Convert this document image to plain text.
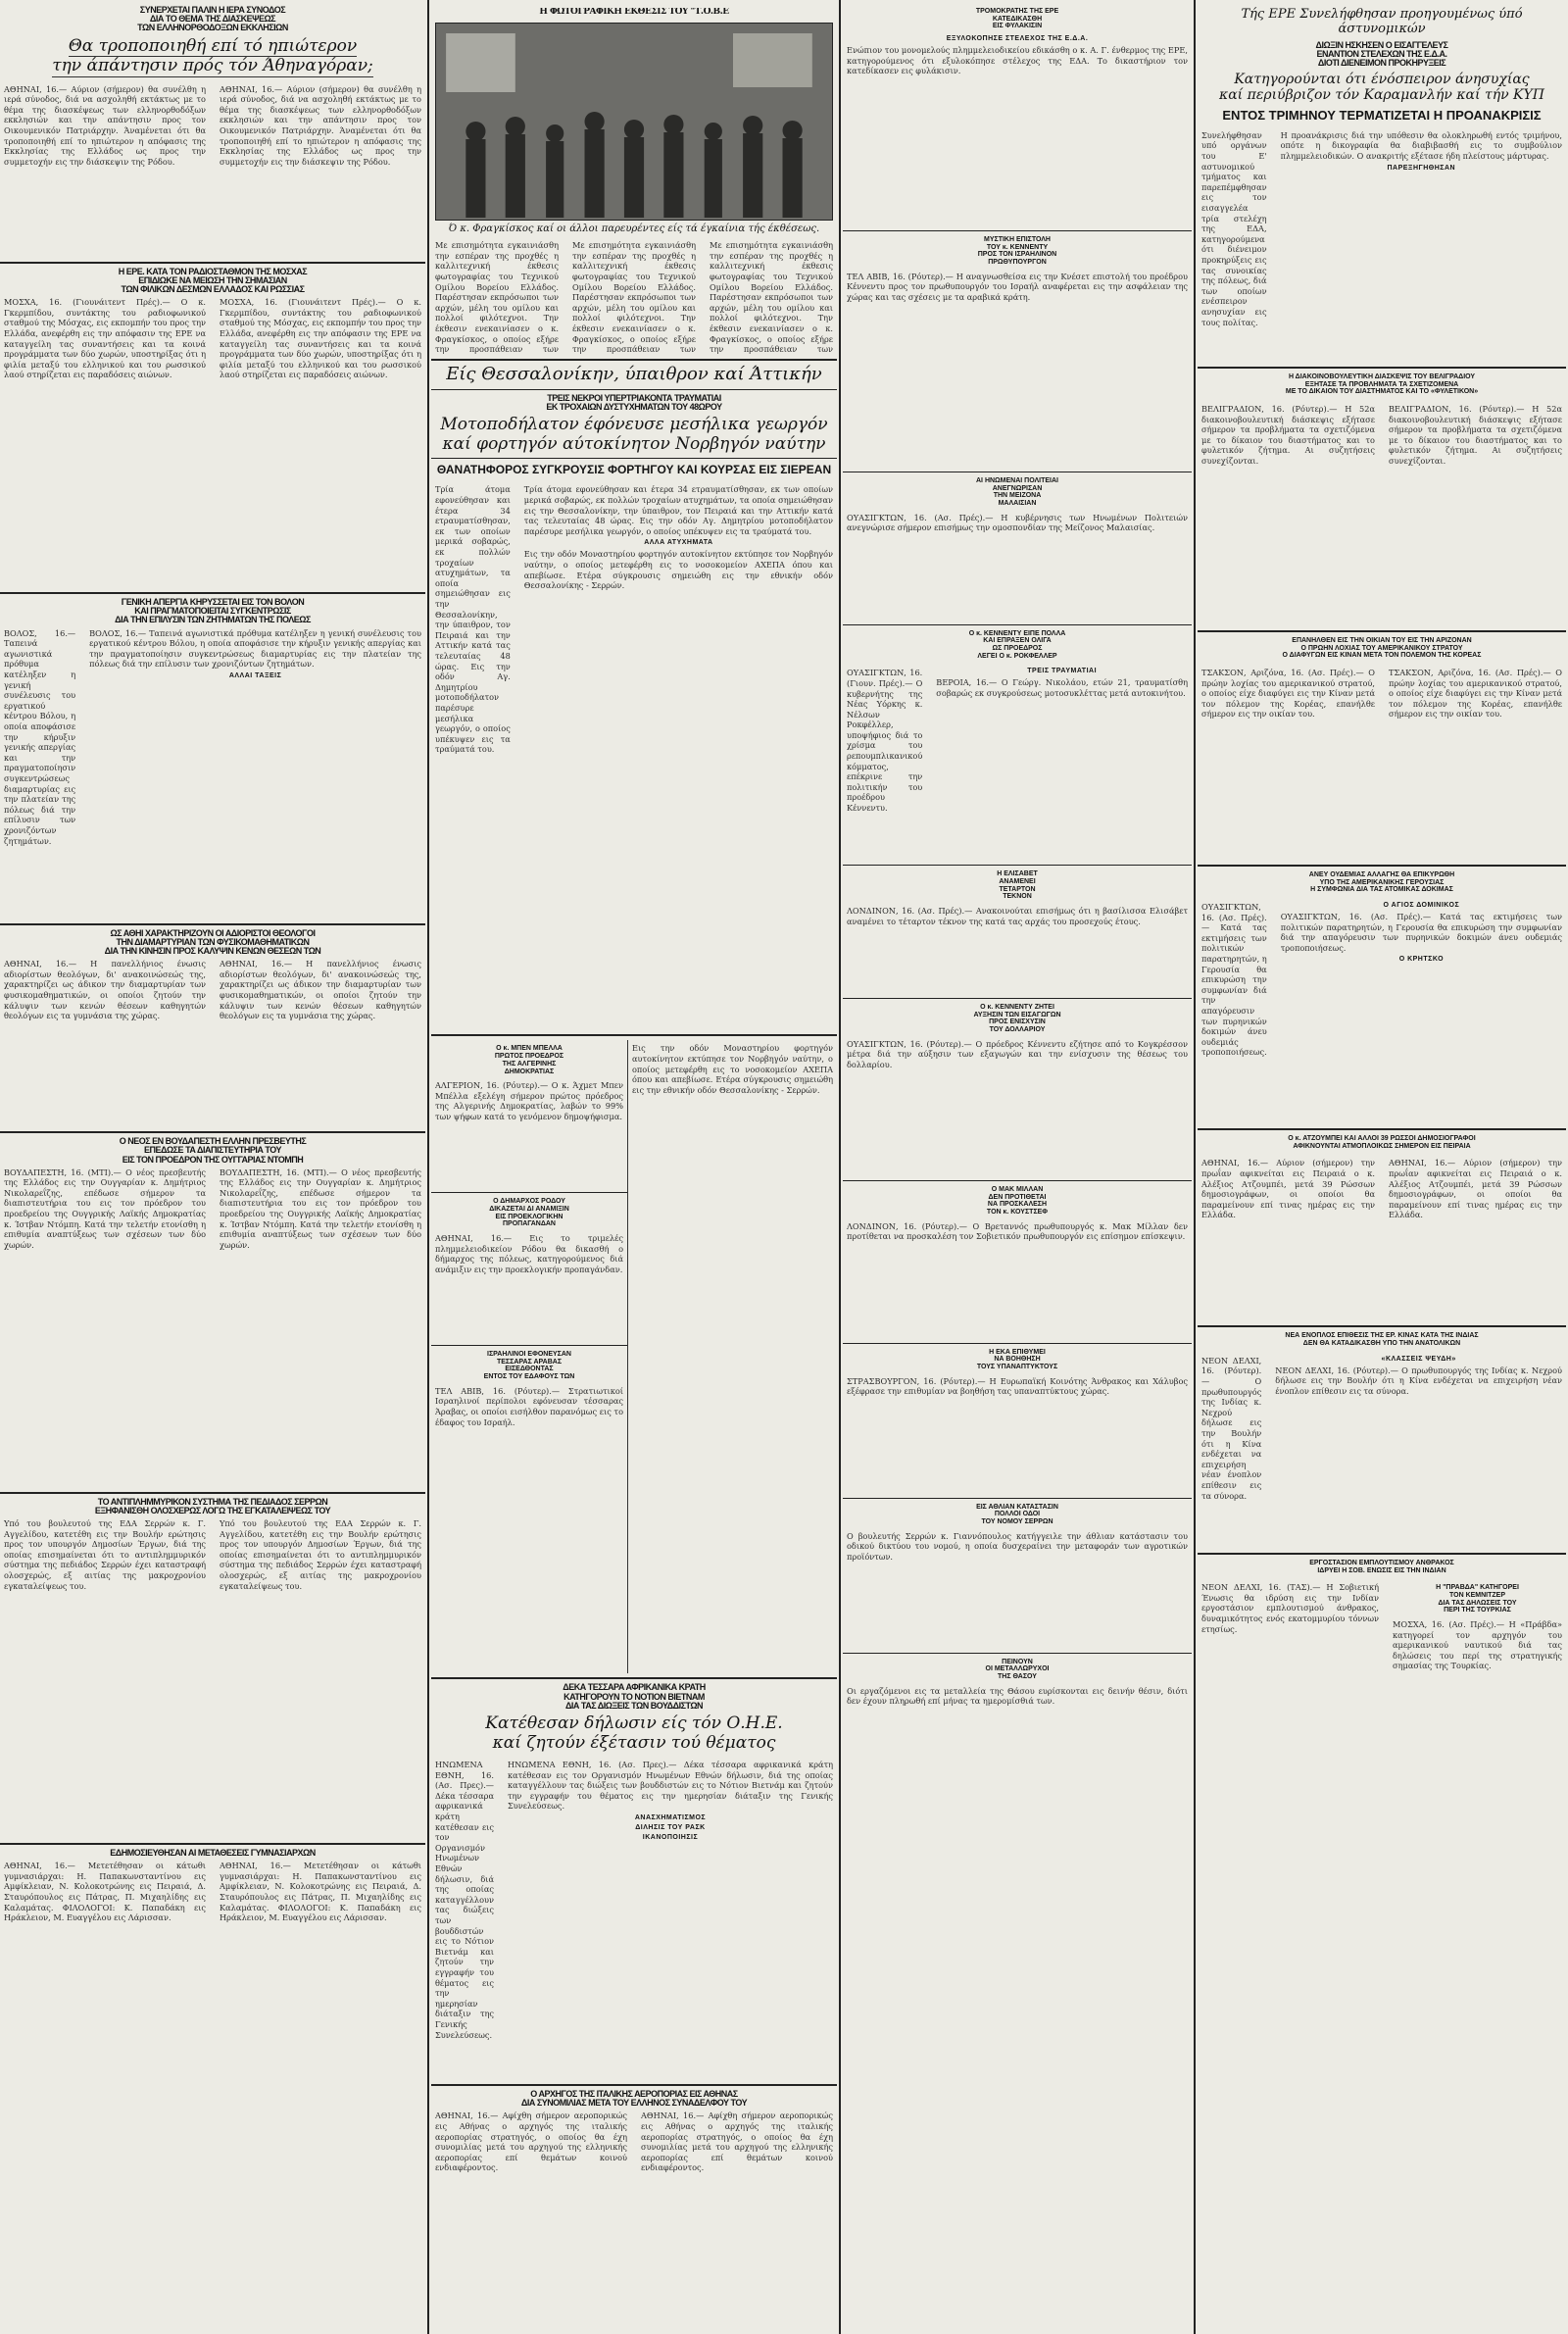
ΣΥΝΕΡΧΕΤΑΙ ΠΑΛΙΝ Η ΙΕΡΑ ΣΥΝΟΔΟΣ
ΔΙΑ ΤΟ ΘΕΜΑ ΤΗΣ ΔΙΑΣΚΕΨΕΩΣ
ΤΩΝ ΕΛΛΗΝΟΡΘΟΔΟΞΩΝ ΕΚΚΛΗΣΙΩΝ
Θα τροποποιηθή επί τό ηπιώτερον
την άπάντησιν πρός τόν Άθηναγόραν;
ΑΘΗΝΑΙ, 16.— Αύριον (σήμερον) θα συνέλθη η ιερά σύνοδος, διά να ασχοληθή εκτάκτως με το θέμα της διασκέψεως των ελληνορθοδόξων εκκλησιών και την απάντησιν προς τον Οικουμενικόν Πατριάρχην. Άναμένεται ότι θα τροποποιηθή επί το ηπιώτερον η απόφασις της Εκκλησίας της Ελλάδος ως προς την συμμετοχήν εις την διάσκεψιν της Ρόδου.
ΑΘΗΝΑΙ, 16.— Αύριον (σήμερον) θα συνέλθη η ιερά σύνοδος, διά να ασχοληθή εκτάκτως με το θέμα της διασκέψεως των ελληνορθοδόξων εκκλησιών και την απάντησιν προς τον Οικουμενικόν Πατριάρχην. Άναμένεται ότι θα τροποποιηθή επί το ηπιώτερον η απόφασις της Εκκλησίας της Ελλάδος ως προς την συμμετοχήν εις την διάσκεψιν της Ρόδου.
Η ΕΡΕ. ΚΑΤΑ ΤΟΝ ΡΑΔΙΟΣΤΑΘΜΟΝ ΤΗΣ ΜΟΣΧΑΣ
ΕΠΙΔΙΩΚΕ ΝΑ ΜΕΙΩΣΗ ΤΗΝ ΣΗΜΑΣΙΑΝ
ΤΩΝ ΦΙΛΙΚΩΝ ΔΕΣΜΩΝ ΕΛΛΑΔΟΣ ΚΑΙ ΡΩΣΣΙΑΣ
ΜΟΣΧΑ, 16. (Γιουνάιτεντ Πρές).— Ο κ. Γκερμπίδου, συντάκτης του ραδιοφωνικού σταθμού της Μόσχας, εις εκπομπήν του προς την Ελλάδα, ανεφέρθη εις την απόφασιν της ΕΡΕ να καταγγείλη τας συναντήσεις και τα κοινά προγράμματα των δύο χωρών, υποστηρίξας ότι η φιλία μεταξύ του ελληνικού και του ρωσσικού λαού στηρίζεται εις παραδόσεις αιώνων.
ΜΟΣΧΑ, 16. (Γιουνάιτεντ Πρές).— Ο κ. Γκερμπίδου, συντάκτης του ραδιοφωνικού σταθμού της Μόσχας, εις εκπομπήν του προς την Ελλάδα, ανεφέρθη εις την απόφασιν της ΕΡΕ να καταγγείλη τας συναντήσεις και τα κοινά προγράμματα των δύο χωρών, υποστηρίξας ότι η φιλία μεταξύ του ελληνικού και του ρωσσικού λαού στηρίζεται εις παραδόσεις αιώνων.
ΓΕΝΙΚΗ ΑΠΕΡΓΙΑ ΚΗΡΥΣΣΕΤΑΙ ΕΙΣ ΤΟΝ ΒΟΛΟΝ
ΚΑΙ ΠΡΑΓΜΑΤΟΠΟΙΕΙΤΑΙ ΣΥΓΚΕΝΤΡΩΣΙΣ
ΔΙΑ ΤΗΝ ΕΠΙΛΥΣΙΝ ΤΩΝ ΖΗΤΗΜΑΤΩΝ ΤΗΣ ΠΟΛΕΩΣ
ΒΟΛΟΣ, 16.— Ταπεινά αγωνιστικά πρόθυμα κατέληξεν η γενική συνέλευσις του εργατικού κέντρου Βόλου, η οποία αποφάσισε την κήρυξιν γενικής απεργίας και την πραγματοποίησιν συγκεντρώσεως διαμαρτυρίας εις την πλατείαν της πόλεως διά την επίλυσιν των χρονιζόντων ζητημάτων.
ΒΟΛΟΣ, 16.— Ταπεινά αγωνιστικά πρόθυμα κατέληξεν η γενική συνέλευσις του εργατικού κέντρου Βόλου, η οποία αποφάσισε την κήρυξιν γενικής απεργίας και την πραγματοποίησιν συγκεντρώσεως διαμαρτυρίας εις την πλατείαν της πόλεως διά την επίλυσιν των χρονιζόντων ζητημάτων.
ΑΛΛΑΙ ΤΑΞΕΙΣ
ΩΣ ΑΘΗΙ ΧΑΡΑΚΤΗΡΙΖΟΥΝ ΟΙ ΑΔΙΟΡΙΣΤΟΙ ΘΕΟΛΟΓΟΙ
ΤΗΝ ΔΙΑΜΑΡΤΥΡΙΑΝ ΤΩΝ ΦΥΣΙΚΟΜΑΘΗΜΑΤΙΚΩΝ
ΔΙΑ ΤΗΝ ΚΙΝΗΣΙΝ ΠΡΟΣ ΚΑΛΥΨΙΝ ΚΕΝΩΝ ΘΕΣΕΩΝ ΤΩΝ
ΑΘΗΝΑΙ, 16.— Η πανελλήνιος ένωσις αδιορίστων θεολόγων, δι' ανακοινώσεώς της, χαρακτηρίζει ως άδικον την διαμαρτυρίαν των φυσικομαθηματικών, οι οποίοι ζητούν την κάλυψιν των κενών θέσεων καθηγητών θεολόγων εις τα γυμνάσια της χώρας.
ΑΘΗΝΑΙ, 16.— Η πανελλήνιος ένωσις αδιορίστων θεολόγων, δι' ανακοινώσεώς της, χαρακτηρίζει ως άδικον την διαμαρτυρίαν των φυσικομαθηματικών, οι οποίοι ζητούν την κάλυψιν των κενών θέσεων καθηγητών θεολόγων εις τα γυμνάσια της χώρας.
Ο ΝΕΟΣ ΕΝ ΒΟΥΔΑΠΕΣΤΗ ΕΛΛΗΝ ΠΡΕΣΒΕΥΤΗΣ
ΕΠΕΔΩΣΕ ΤΑ ΔΙΑΠΙΣΤΕΥΤΗΡΙΑ ΤΟΥ
ΕΙΣ ΤΟΝ ΠΡΟΕΔΡΟΝ ΤΗΣ ΟΥΓΓΑΡΙΑΣ ΝΤΟΜΠΗ
ΒΟΥΔΑΠΕΣΤΗ, 16. (ΜΤΙ).— Ο νέος πρεσβευτής της Ελλάδος εις την Ουγγαρίαν κ. Δημήτριος Νικολαρεΐζης, επέδωσε σήμερον τα διαπιστευτήρια του εις τον πρόεδρον του προεδρείου της Ουγγρικής Λαϊκής Δημοκρατίας κ. Ίστβαν Ντόμπη. Κατά την τελετήν ετονίσθη η επιθυμία αναπτύξεως των σχέσεων των δύο χωρών.
ΒΟΥΔΑΠΕΣΤΗ, 16. (ΜΤΙ).— Ο νέος πρεσβευτής της Ελλάδος εις την Ουγγαρίαν κ. Δημήτριος Νικολαρεΐζης, επέδωσε σήμερον τα διαπιστευτήρια του εις τον πρόεδρον του προεδρείου της Ουγγρικής Λαϊκής Δημοκρατίας κ. Ίστβαν Ντόμπη. Κατά την τελετήν ετονίσθη η επιθυμία αναπτύξεως των σχέσεων των δύο χωρών.
ΤΟ ΑΝΤΙΠΛΗΜΜΥΡΙΚΟΝ ΣΥΣΤΗΜΑ ΤΗΣ ΠΕΔΙΑΔΟΣ ΣΕΡΡΩΝ
ΕΞΗΦΑΝΙΣΘΗ ΟΛΟΣΧΕΡΩΣ ΛΟΓΩ ΤΗΣ ΕΓΚΑΤΑΛΕΙΨΕΩΣ ΤΟΥ
Υπό του βουλευτού της ΕΔΑ Σερρών κ. Γ. Αγγελίδου, κατετέθη εις την Βουλήν ερώτησις προς τον υπουργόν Δημοσίων Έργων, διά της οποίας επισημαίνεται ότι το αντιπλημμυρικόν σύστημα της πεδιάδος Σερρών έχει καταστραφή ολοσχερώς, εξ αιτίας της μακροχρονίου εγκαταλείψεως του.
Υπό του βουλευτού της ΕΔΑ Σερρών κ. Γ. Αγγελίδου, κατετέθη εις την Βουλήν ερώτησις προς τον υπουργόν Δημοσίων Έργων, διά της οποίας επισημαίνεται ότι το αντιπλημμυρικόν σύστημα της πεδιάδος Σερρών έχει καταστραφή ολοσχερώς, εξ αιτίας της μακροχρονίου εγκαταλείψεως του.
ΕΔΗΜΟΣΙΕΥΘΗΣΑΝ ΑΙ ΜΕΤΑΘΕΣΕΙΣ ΓΥΜΝΑΣΙΑΡΧΩΝ
ΑΘΗΝΑΙ, 16.— Μετετέθησαν οι κάτωθι γυμνασιάρχαι: Η. Παπακωνσταντίνου εις Αμφίκλειαν, Ν. Κολοκοτρώνης εις Πειραιά, Δ. Σταυρόπουλος εις Πάτρας, Π. Μιχαηλίδης εις Καλαμάτας. ΦΙΛΟΛΟΓΟΙ: Κ. Παπαδάκη εις Ηράκλειον, Μ. Ευαγγέλου εις Λάρισσαν.
ΑΘΗΝΑΙ, 16.— Μετετέθησαν οι κάτωθι γυμνασιάρχαι: Η. Παπακωνσταντίνου εις Αμφίκλειαν, Ν. Κολοκοτρώνης εις Πειραιά, Δ. Σταυρόπουλος εις Πάτρας, Π. Μιχαηλίδης εις Καλαμάτας. ΦΙΛΟΛΟΓΟΙ: Κ. Παπαδάκη εις Ηράκλειον, Μ. Ευαγγέλου εις Λάρισσαν.
Η ΦΩΤΟΓΡΑΦΙΚΗ ΕΚΘΕΣΙΣ ΤΟΥ "Τ.Ο.Β.Ε
Ό κ. Φραγκίσκος καί οι άλλοι παρευρέντες είς τά έγκαίνια τής έκθέσεως.
Με επισημότητα εγκαινιάσθη την εσπέραν της προχθές η καλλιτεχνική έκθεσις φωτογραφίας του Τεχνικού Ομίλου Βορείου Ελλάδος. Παρέστησαν εκπρόσωποι των αρχών, μέλη του ομίλου και πολλοί φιλότεχνοι. Την έκθεσιν ενεκαινίασεν ο κ. Φραγκίσκος, ο οποίος εξήρε την προσπάθειαν των
Με επισημότητα εγκαινιάσθη την εσπέραν της προχθές η καλλιτεχνική έκθεσις φωτογραφίας του Τεχνικού Ομίλου Βορείου Ελλάδος. Παρέστησαν εκπρόσωποι των αρχών, μέλη του ομίλου και πολλοί φιλότεχνοι. Την έκθεσιν ενεκαινίασεν ο κ. Φραγκίσκος, ο οποίος εξήρε την προσπάθειαν των
Με επισημότητα εγκαινιάσθη την εσπέραν της προχθές η καλλιτεχνική έκθεσις φωτογραφίας του Τεχνικού Ομίλου Βορείου Ελλάδος. Παρέστησαν εκπρόσωποι των αρχών, μέλη του ομίλου και πολλοί φιλότεχνοι. Την έκθεσιν ενεκαινίασεν ο κ. Φραγκίσκος, ο οποίος εξήρε την προσπάθειαν των
Είς Θεσσαλονίκην, ύπαιθρον καί Άττικήν
ΤΡΕΙΣ ΝΕΚΡΟΙ ΥΠΕΡΤΡΙΑΚΟΝΤΑ ΤΡΑΥΜΑΤΙΑΙ
ΕΚ ΤΡΟΧΑΙΩΝ ΔΥΣΤΥΧΗΜΑΤΩΝ ΤΟΥ 48ΩΡΟΥ
Μοτοποδήλατον έφόνευσε μεσήλικα γεωργόν
καί φορτηγόν αύτοκίνητον Νορβηγόν ναύτην
ΘΑΝΑΤΗΦΟΡΟΣ ΣΥΓΚΡΟΥΣΙΣ ΦΟΡΤΗΓΟΥ ΚΑΙ ΚΟΥΡΣΑΣ ΕΙΣ ΣΙΕΡΕΑΝ
Τρία άτομα εφονεύθησαν και έτερα 34 ετραυματίσθησαν, εκ των οποίων μερικά σοβαρώς, εκ πολλών τροχαίων ατυχημάτων, τα οποία σημειώθησαν εις την Θεσσαλονίκην, την ύπαιθρον, τον Πειραιά και την Αττικήν κατά τας τελευταίας 48 ώρας. Εις την οδόν Αγ. Δημητρίου μοτοποδήλατον παρέσυρε μεσήλικα γεωργόν, ο οποίος υπέκυψεν εις τα τραύματά του.
Τρία άτομα εφονεύθησαν και έτερα 34 ετραυματίσθησαν, εκ των οποίων μερικά σοβαρώς, εκ πολλών τροχαίων ατυχημάτων, τα οποία σημειώθησαν εις την Θεσσαλονίκην, την ύπαιθρον, τον Πειραιά και την Αττικήν κατά τας τελευταίας 48 ώρας. Εις την οδόν Αγ. Δημητρίου μοτοποδήλατον παρέσυρε μεσήλικα γεωργόν, ο οποίος υπέκυψεν εις τα τραύματά του.
ΑΛΛΑ ΑΤΥΧΗΜΑΤΑ
Εις την οδόν Μοναστηρίου φορτηγόν αυτοκίνητον εκτύπησε τον Νορβηγόν ναύτην, ο οποίος μετεφέρθη εις το νοσοκομείον ΑΧΕΠΑ όπου και απεβίωσε. Ετέρα σύγκρουσις σημειώθη εις την εθνικήν οδόν Θεσσαλονίκης - Σερρών.
Ο κ. ΜΠΕΝ ΜΠΕΛΛΑ
ΠΡΩΤΟΣ ΠΡΟΕΔΡΟΣ
ΤΗΣ ΑΛΓΕΡΙΝΗΣ
ΔΗΜΟΚΡΑΤΙΑΣ
ΑΛΓΕΡΙΟΝ, 16. (Ρόυτερ).— Ο κ. Άχμετ Μπεν Μπέλλα εξελέγη σήμερον πρώτος πρόεδρος της Αλγερινής Δημοκρατίας, λαβών το 99% των ψήφων κατά το γενόμενον δημοψήφισμα.
Ο ΔΗΜΑΡΧΟΣ ΡΟΔΟΥ
ΔΙΚΑΖΕΤΑΙ ΔΙ ΑΝΑΜΙΞΙΝ
ΕΙΣ ΠΡΟΕΚΛΟΓΙΚΗΝ
ΠΡΟΠΑΓΑΝΔΑΝ
ΑΘΗΝΑΙ, 16.— Εις το τριμελές πλημμελειοδικείον Ρόδου θα δικασθή ο δήμαρχος της πόλεως, κατηγορούμενος διά ανάμιξιν εις την προεκλογικήν προπαγάνδαν.
ΙΣΡΑΗΛΙΝΟΙ ΕΦΟΝΕΥΣΑΝ
ΤΕΣΣΑΡΑΣ ΑΡΑΒΑΣ
ΕΙΣΕΔΘΟΝΤΑΣ
ΕΝΤΟΣ ΤΟΥ ΕΔΑΦΟΥΣ ΤΩΝ
ΤΕΛ ΑΒΙΒ, 16. (Ρόυτερ).— Στρατιωτικοί Ισραηλινοί περίπολοι εφόνευσαν τέσσαρας Άραβας, οι οποίοι εισήλθον παρανόμως εις το έδαφος του Ισραήλ.
Εις την οδόν Μοναστηρίου φορτηγόν αυτοκίνητον εκτύπησε τον Νορβηγόν ναύτην, ο οποίος μετεφέρθη εις το νοσοκομείον ΑΧΕΠΑ όπου και απεβίωσε. Ετέρα σύγκρουσις σημειώθη εις την εθνικήν οδόν Θεσσαλονίκης - Σερρών.
ΔΕΚΑ ΤΕΣΣΑΡΑ ΑΦΡΙΚΑΝΙΚΑ ΚΡΑΤΗ
ΚΑΤΗΓΟΡΟΥΝ ΤΟ ΝΟΤΙΟΝ ΒΙΕΤΝΑΜ
ΔΙΑ ΤΑΣ ΔΙΩΞΕΙΣ ΤΩΝ ΒΟΥΔΔΙΣΤΩΝ
Κατέθεσαν δήλωσιν είς τόν Ο.Η.Ε.
καί ζητούν έξέτασιν τού θέματος
ΗΝΩΜΕΝΑ ΕΘΝΗ, 16. (Ασ. Πρες).— Δέκα τέσσαρα αφρικανικά κράτη κατέθεσαν εις τον Οργανισμόν Ηνωμένων Εθνών δήλωσιν, διά της οποίας καταγγέλλουν τας διώξεις των βουδδιστών εις το Νότιον Βιετνάμ και ζητούν την εγγραφήν του θέματος εις την ημερησίαν διάταξιν της Γενικής Συνελεύσεως.
ΗΝΩΜΕΝΑ ΕΘΝΗ, 16. (Ασ. Πρες).— Δέκα τέσσαρα αφρικανικά κράτη κατέθεσαν εις τον Οργανισμόν Ηνωμένων Εθνών δήλωσιν, διά της οποίας καταγγέλλουν τας διώξεις των βουδδιστών εις το Νότιον Βιετνάμ και ζητούν την εγγραφήν του θέματος εις την ημερησίαν διάταξιν της Γενικής Συνελεύσεως.
ΑΝΑΣΧΗΜΑΤΙΣΜΟΣ
ΔΙΛΗΣΙΣ ΤΟΥ ΡΑΣΚ
ΙΚΑΝΟΠΟΙΗΣΙΣ
Ο ΑΡΧΗΓΟΣ ΤΗΣ ΙΤΑΛΙΚΗΣ ΑΕΡΟΠΟΡΙΑΣ ΕΙΣ ΑΘΗΝΑΣ
ΔΙΑ ΣΥΝΟΜΙΛΙΑΣ ΜΕΤΑ ΤΟΥ ΕΛΛΗΝΟΣ ΣΥΝΑΔΕΛΦΟΥ ΤΟΥ
ΑΘΗΝΑΙ, 16.— Αφίχθη σήμερον αεροπορικώς εις Αθήνας ο αρχηγός της ιταλικής αεροπορίας στρατηγός, ο οποίος θα έχη συνομιλίας μετά του αρχηγού της ελληνικής αεροπορίας επί θεμάτων κοινού ενδιαφέροντος.
ΑΘΗΝΑΙ, 16.— Αφίχθη σήμερον αεροπορικώς εις Αθήνας ο αρχηγός της ιταλικής αεροπορίας στρατηγός, ο οποίος θα έχη συνομιλίας μετά του αρχηγού της ελληνικής αεροπορίας επί θεμάτων κοινού ενδιαφέροντος.
ΤΡΟΜΟΚΡΑΤΗΣ ΤΗΣ ΕΡΕ
ΚΑΤΕΔΙΚΑΣΘΗ
ΕΙΣ ΦΥΛΑΚΙΣΙΝ
ΕΞΥΛΟΚΟΠΗΣΕ ΣΤΕΛΕΧΟΣ ΤΗΣ Ε.Δ.Α.
Ενώπιον του μονομελούς πλημμελειοδικείου εδικάσθη ο κ. Α. Γ. ένθερμος της ΕΡΕ, κατηγορούμενος ότι εξυλοκόπησε στέλεχος της ΕΔΑ. Το δικαστήριον τον κατεδίκασεν εις φυλάκισιν.
ΜΥΣΤΙΚΗ ΕΠΙΣΤΟΛΗ
ΤΟΥ κ. ΚΕΝΝΕΝΤΥ
ΠΡΟΣ ΤΟΝ ΙΣΡΑΗΛΙΝΟΝ
ΠΡΩΘΥΠΟΥΡΓΟΝ
ΤΕΛ ΑΒΙΒ, 16. (Ρόυτερ).— Η αναγνωσθείσα εις την Κνέσετ επιστολή του προέδρου Κέννεντυ προς τον πρωθυπουργόν του Ισραήλ αναφέρεται εις την ασφάλειαν της χώρας και τας σχέσεις με τα αραβικά κράτη.
ΑΙ ΗΝΩΜΕΝΑΙ ΠΟΛΙΤΕΙΑΙ
ΑΝΕΓΝΩΡΙΣΑΝ
ΤΗΝ ΜΕΙΖΟΝΑ
ΜΑΛΑΙΣΙΑΝ
ΟΥΑΣΙΓΚΤΩΝ, 16. (Ασ. Πρές).— Η κυβέρνησις των Ηνωμένων Πολιτειών ανεγνώρισε σήμερον επισήμως την ομοσπονδίαν της Μείζονος Μαλαισίας.
Ο κ. ΚΕΝΝΕΝΤΥ ΕΙΠΕ ΠΟΛΛΑ
ΚΑΙ ΕΠΡΑΞΕΝ ΟΛΙΓΑ
ΩΣ ΠΡΟΕΔΡΟΣ
ΛΕΓΕΙ Ο κ. ΡΟΚΦΕΛΛΕΡ
ΟΥΑΣΙΓΚΤΩΝ, 16. (Γιουν. Πρές).— Ο κυβερνήτης της Νέας Υόρκης κ. Νέλσων Ροκφέλλερ, υποψήφιος διά το χρίσμα του ρεπουμπλικανικού κόμματος, επέκρινε την πολιτικήν του προέδρου Κέννεντυ.
ΤΡΕΙΣ ΤΡΑΥΜΑΤΙΑΙ
ΒΕΡΟΙΑ, 16.— Ο Γεώργ. Νικολάου, ετών 21, τραυματίσθη σοβαρώς εκ συγκρούσεως μοτοσυκλέττας μετά αυτοκινήτου.
Η ΕΛΙΣΑΒΕΤ
ΑΝΑΜΕΝΕΙ
ΤΕΤΑΡΤΟΝ
ΤΕΚΝΟΝ
ΛΟΝΔΙΝΟΝ, 16. (Ασ. Πρές).— Ανακοινούται επισήμως ότι η βασίλισσα Ελισάβετ αναμένει το τέταρτον τέκνον της κατά τας αρχάς του προσεχούς έτους.
Ο κ. ΚΕΝΝΕΝΤΥ ΖΗΤΕΙ
ΑΥΞΗΣΙΝ ΤΩΝ ΕΙΣΑΓΩΓΩΝ
ΠΡΟΣ ΕΝΙΣΧΥΣΙΝ
ΤΟΥ ΔΟΛΛΑΡΙΟΥ
ΟΥΑΣΙΓΚΤΩΝ, 16. (Ρόυτερ).— Ο πρόεδρος Κέννεντυ εζήτησε από το Κογκρέσσον μέτρα διά την αύξησιν των εξαγωγών και την ενίσχυσιν της θέσεως του δολλαρίου.
Ο ΜΑΚ ΜΙΛΛΑΝ
ΔΕΝ ΠΡΟΤΙΘΕΤΑΙ
ΝΑ ΠΡΟΣΚΑΛΕΣΗ
ΤΟΝ κ. ΚΟΥΣΤΣΕΦ
ΛΟΝΔΙΝΟΝ, 16. (Ρόυτερ).— Ο Βρεταννός πρωθυπουργός κ. Μακ Μίλλαν δεν προτίθεται να προσκαλέση τον Σοβιετικόν πρωθυπουργόν εις επίσημον επίσκεψιν.
Η ΕΚΑ ΕΠΙΘΥΜΕΙ
ΝΑ ΒΟΗΘΗΣΗ
ΤΟΥΣ ΥΠΑΝΑΠΤΥΚΤΟΥΣ
ΣΤΡΑΣΒΟΥΡΓΟΝ, 16. (Ρόυτερ).— Η Ευρωπαϊκή Κοινότης Άνθρακος και Χάλυβος εξέφρασε την επιθυμίαν να βοηθήση τας υπαναπτύκτους χώρας.
ΕΙΣ ΑΘΛΙΑΝ ΚΑΤΑΣΤΑΣΙΝ
ΠΟΛΛΟΙ ΟΔΟΙ
ΤΟΥ ΝΟΜΟΥ ΣΕΡΡΩΝ
Ο βουλευτής Σερρών κ. Γιαννόπουλος κατήγγειλε την άθλιαν κατάστασιν του οδικού δικτύου του νομού, η οποία δυσχεραίνει την μεταφοράν των αγροτικών προϊόντων.
ΠΕΙΝΟΥΝ
ΟΙ ΜΕΤΑΛΛΩΡΥΧΟΙ
ΤΗΣ ΘΑΣΟΥ
Οι εργαζόμενοι εις τα μεταλλεία της Θάσου ευρίσκονται εις δεινήν θέσιν, διότι δεν έχουν πληρωθή επί μήνας τα ημερομίσθιά των.
Τής ΕΡΕ Συνελήφθησαν προηγουμένως ύπό άστυνομικών
ΔΙΩΞΙΝ ΗΣΚΗΣΕΝ Ο ΕΙΣΑΓΓΕΛΕΥΣ
ΕΝΑΝΤΙΟΝ ΣΤΕΛΕΧΩΝ ΤΗΣ Ε.Δ.Α.
ΔΙΟΤΙ ΔΙΕΝΕΙΜΟΝ ΠΡΟΚΗΡΥΞΕΙΣ
Κατηγορούνται ότι ένόσπειρον άνησυχίας
καί περιύβριζον τόν Καραμανλήν καί τήν ΚΥΠ
ΕΝΤΟΣ ΤΡΙΜΗΝΟΥ ΤΕΡΜΑΤΙΖΕΤΑΙ Η ΠΡΟΑΝΑΚΡΙΣΙΣ
Συνελήφθησαν υπό οργάνων του Ε' αστυνομικού τμήματος και παρεπέμφθησαν εις τον εισαγγελέα τρία στελέχη της ΕΔΑ, κατηγορούμενα ότι διένειμον προκηρύξεις εις τας συνοικίας της πόλεως, διά των οποίων ενέσπειρον ανησυχίαν εις τους πολίτας.
Η προανάκρισις διά την υπόθεσιν θα ολοκληρωθή εντός τριμήνου, οπότε η δικογραφία θα διαβιβασθή εις το συμβούλιον πλημμελειοδικών. Ο ανακριτής εξέτασε ήδη πλείστους μάρτυρας.
ΠΑΡΕΞΗΓΗΘΗΣΑΝ
Η ΔΙΑΚΟΙΝΟΒΟΥΛΕΥΤΙΚΗ ΔΙΑΣΚΕΨΙΣ ΤΟΥ ΒΕΛΙΓΡΑΔΙΟΥ
ΕΞΗΤΑΣΕ ΤΑ ΠΡΟΒΛΗΜΑΤΑ ΤΑ ΣΧΕΤΙΖΟΜΕΝΑ
ΜΕ ΤΟ ΔΙΚΑΙΟΝ ΤΟΥ ΔΙΑΣΤΗΜΑΤΟΣ ΚΑΙ ΤΟ «ΦΥΛΕΤΙΚΟΝ»
ΒΕΛΙΓΡΑΔΙΟΝ, 16. (Ρόυτερ).— Η 52α διακοινοβουλευτική διάσκεψις εξήτασε σήμερον τα προβλήματα τα σχετιζόμενα με το δίκαιον του διαστήματος και το φυλετικόν ζήτημα. Αι συζητήσεις συνεχίζονται.
ΒΕΛΙΓΡΑΔΙΟΝ, 16. (Ρόυτερ).— Η 52α διακοινοβουλευτική διάσκεψις εξήτασε σήμερον τα προβλήματα τα σχετιζόμενα με το δίκαιον του διαστήματος και το φυλετικόν ζήτημα. Αι συζητήσεις συνεχίζονται.
ΕΠΑΝΗΛΘΕΝ ΕΙΣ ΤΗΝ ΟΙΚΙΑΝ ΤΟΥ ΕΙΣ ΤΗΝ ΑΡΙΖΟΝΑΝ
Ο ΠΡΩΗΝ ΛΟΧΙΑΣ ΤΟΥ ΑΜΕΡΙΚΑΝΙΚΟΥ ΣΤΡΑΤΟΥ
Ο ΔΙΑΦΥΓΩΝ ΕΙΣ ΚΙΝΑΝ ΜΕΤΑ ΤΟΝ ΠΟΛΕΜΟΝ ΤΗΣ ΚΟΡΕΑΣ
ΤΣΑΚΣΟΝ, Αριζόνα, 16. (Ασ. Πρές).— Ο πρώην λοχίας του αμερικανικού στρατού, ο οποίος είχε διαφύγει εις την Κίναν μετά τον πόλεμον της Κορέας, επανήλθε σήμερον εις την οικίαν του.
ΤΣΑΚΣΟΝ, Αριζόνα, 16. (Ασ. Πρές).— Ο πρώην λοχίας του αμερικανικού στρατού, ο οποίος είχε διαφύγει εις την Κίναν μετά τον πόλεμον της Κορέας, επανήλθε σήμερον εις την οικίαν του.
ΑΝΕΥ ΟΥΔΕΜΙΑΣ ΑΛΛΑΓΗΣ ΘΑ ΕΠΙΚΥΡΩΘΗ
ΥΠΟ ΤΗΣ ΑΜΕΡΙΚΑΝΙΚΗΣ ΓΕΡΟΥΣΙΑΣ
Η ΣΥΜΦΩΝΙΑ ΔΙΑ ΤΑΣ ΑΤΟΜΙΚΑΣ ΔΟΚΙΜΑΣ
ΟΥΑΣΙΓΚΤΩΝ, 16. (Ασ. Πρές).— Κατά τας εκτιμήσεις των πολιτικών παρατηρητών, η Γερουσία θα επικυρώση την συμφωνίαν διά την απαγόρευσιν των πυρηνικών δοκιμών άνευ ουδεμιάς τροποποιήσεως.
Ο ΑΓΙΟΣ ΔΟΜΙΝΙΚΟΣ
ΟΥΑΣΙΓΚΤΩΝ, 16. (Ασ. Πρές).— Κατά τας εκτιμήσεις των πολιτικών παρατηρητών, η Γερουσία θα επικυρώση την συμφωνίαν διά την απαγόρευσιν των πυρηνικών δοκιμών άνευ ουδεμιάς τροποποιήσεως.
Ο ΚΡΗΤΣΚΟ
Ο κ. ΑΤΖΟΥΜΠΕΪ ΚΑΙ ΑΛΛΟΙ 39 ΡΩΣΣΟΙ ΔΗΜΟΣΙΟΓΡΑΦΟΙ
ΑΦΙΚΝΟΥΝΤΑΙ ΑΤΜΟΠΛΟΪΚΩΣ ΣΗΜΕΡΟΝ ΕΙΣ ΠΕΙΡΑΙΑ
ΑΘΗΝΑΙ, 16.— Αύριον (σήμερον) την πρωΐαν αφικνείται εις Πειραιά ο κ. Αλέξιος Ατζουμπέι, μετά 39 Ρώσσων δημοσιογράφων, οι οποίοι θα παραμείνουν επί τινας ημέρας εις την Ελλάδα.
ΑΘΗΝΑΙ, 16.— Αύριον (σήμερον) την πρωΐαν αφικνείται εις Πειραιά ο κ. Αλέξιος Ατζουμπέι, μετά 39 Ρώσσων δημοσιογράφων, οι οποίοι θα παραμείνουν επί τινας ημέρας εις την Ελλάδα.
ΝΕΑ ΕΝΟΠΛΟΣ ΕΠΙΘΕΣΙΣ ΤΗΣ ΕΡ. ΚΙΝΑΣ ΚΑΤΑ ΤΗΣ ΙΝΔΙΑΣ
ΔΕΝ ΘΑ ΚΑΤΑΔΙΚΑΣΘΗ ΥΠΟ ΤΗΝ ΑΝΑΤΟΛΙΚΩΝ
ΝΕΟΝ ΔΕΛΧΙ, 16. (Ρόυτερ).— Ο πρωθυπουργός της Ινδίας κ. Νεχρού δήλωσε εις την Βουλήν ότι η Κίνα ενδέχεται να επιχειρήση νέαν ένοπλον επίθεσιν εις τα σύνορα.
«ΚΛΑΣΣΕΙΣ ΨΕΥΔΗ»
ΝΕΟΝ ΔΕΛΧΙ, 16. (Ρόυτερ).— Ο πρωθυπουργός της Ινδίας κ. Νεχρού δήλωσε εις την Βουλήν ότι η Κίνα ενδέχεται να επιχειρήση νέαν ένοπλον επίθεσιν εις τα σύνορα.
ΕΡΓΟΣΤΑΣΙΟΝ ΕΜΠΛΟΥΤΙΣΜΟΥ ΑΝΘΡΑΚΟΣ
ΙΔΡΥΕΙ Η ΣΟΒ. ΕΝΩΣΙΣ ΕΙΣ ΤΗΝ ΙΝΔΙΑΝ
ΝΕΟΝ ΔΕΛΧΙ, 16. (ΤΑΣ).— Η Σοβιετική Ένωσις θα ιδρύση εις την Ινδίαν εργοστάσιον εμπλουτισμού άνθρακος, δυναμικότητος ενός εκατομμυρίου τόννων ετησίως.
Η "ΠΡΑΒΔΑ" ΚΑΤΗΓΟΡΕΙ
ΤΟΝ ΚΕΜΝΙΤΖΕΡ
ΔΙΑ ΤΑΣ ΔΗΛΩΣΕΙΣ ΤΟΥ
ΠΕΡΙ ΤΗΣ ΤΟΥΡΚΙΑΣ
ΜΟΣΧΑ, 16. (Ασ. Πρές).— Η «Πράβδα» κατηγορεί τον αρχηγόν του αμερικανικού ναυτικού διά τας δηλώσεις του περί της στρατηγικής σημασίας της Τουρκίας.
